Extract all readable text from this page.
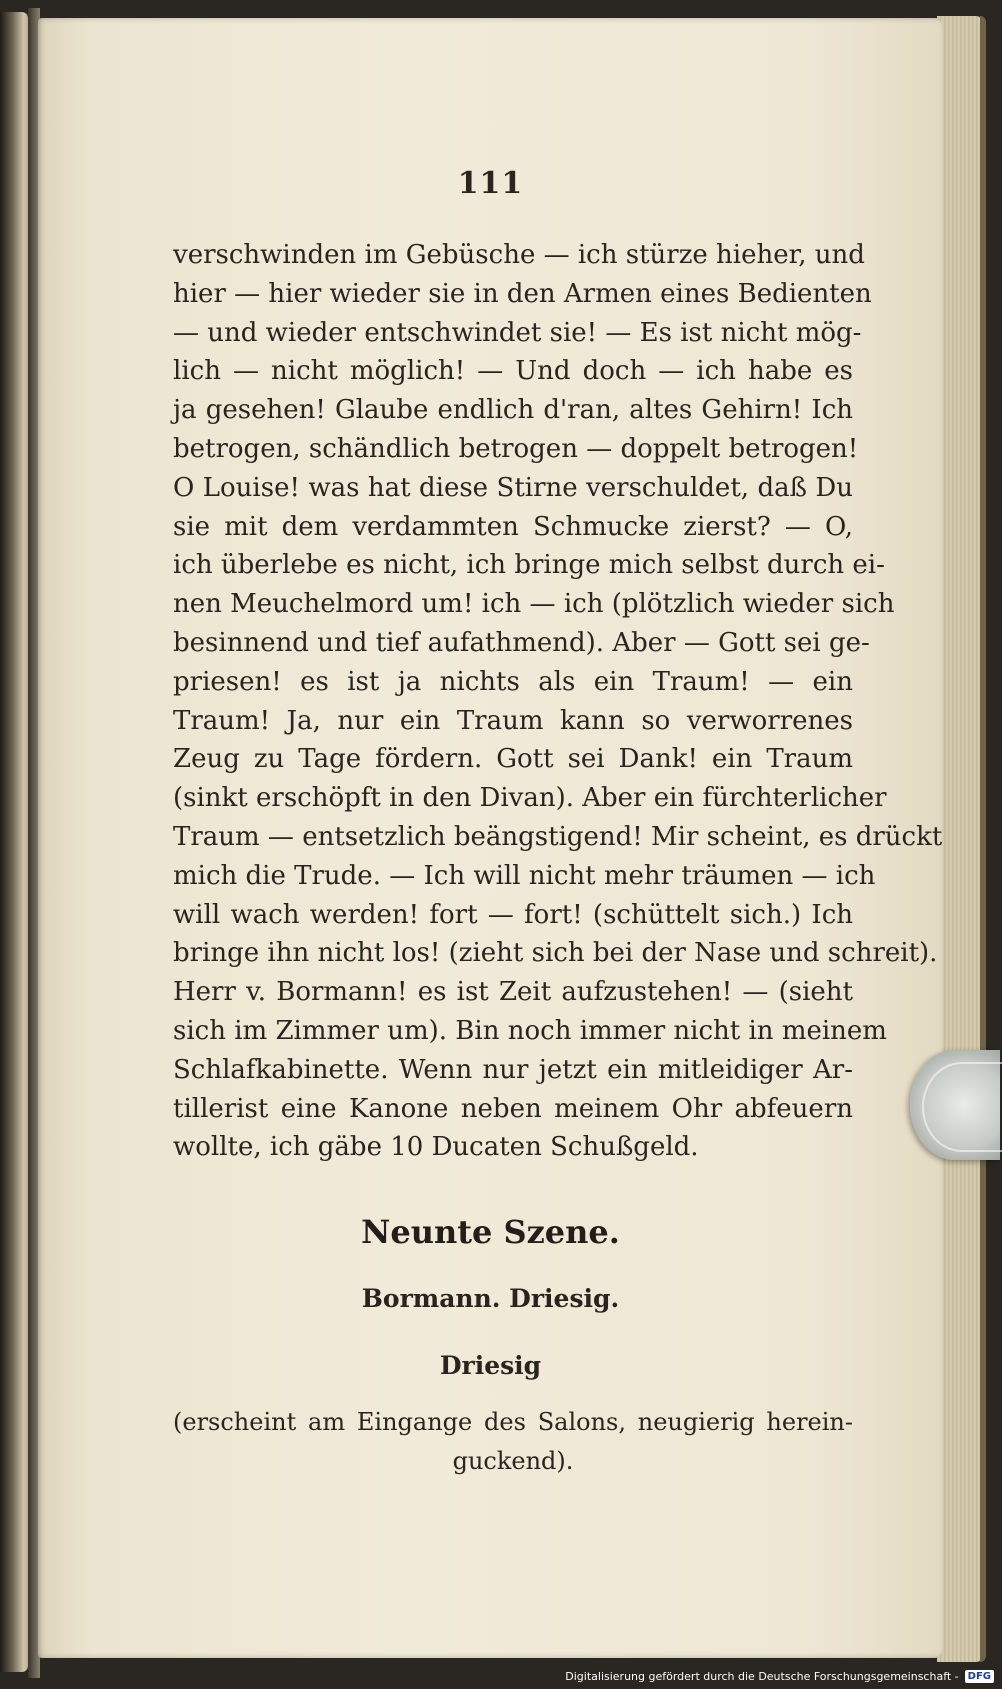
111
verschwinden im Gebüsche — ich stürze hieher, und
hier — hier wieder sie in den Armen eines Bedienten
— und wieder entschwindet sie! — Es ist nicht mög-
lich — nicht möglich! — Und doch — ich habe es
ja gesehen! Glaube endlich d'ran, altes Gehirn! Ich
betrogen, schändlich betrogen — doppelt betrogen!
O Louise! was hat diese Stirne verschuldet, daß Du
sie mit dem verdammten Schmucke zierst? — O,
ich überlebe es nicht, ich bringe mich selbst durch ei-
nen Meuchelmord um! ich — ich (plötzlich wieder sich
besinnend und tief aufathmend). Aber — Gott sei ge-
priesen! es ist ja nichts als ein Traum! — ein
Traum! Ja, nur ein Traum kann so verworrenes
Zeug zu Tage fördern. Gott sei Dank! ein Traum
(sinkt erschöpft in den Divan). Aber ein fürchterlicher
Traum — entsetzlich beängstigend! Mir scheint, es drückt
mich die Trude. — Ich will nicht mehr träumen — ich
will wach werden! fort — fort! (schüttelt sich.) Ich
bringe ihn nicht los! (zieht sich bei der Nase und schreit).
Herr v. Bormann! es ist Zeit aufzustehen! — (sieht
sich im Zimmer um). Bin noch immer nicht in meinem
Schlafkabinette. Wenn nur jetzt ein mitleidiger Ar-
tillerist eine Kanone neben meinem Ohr abfeuern
wollte, ich gäbe 10 Ducaten Schußgeld.
Neunte Szene.
Bormann. Driesig.
Driesig
(erscheint am Eingange des Salons, neugierig herein-
guckend).
Digitalisierung gefördert durch die Deutsche Forschungsgemeinschaft - DFG
